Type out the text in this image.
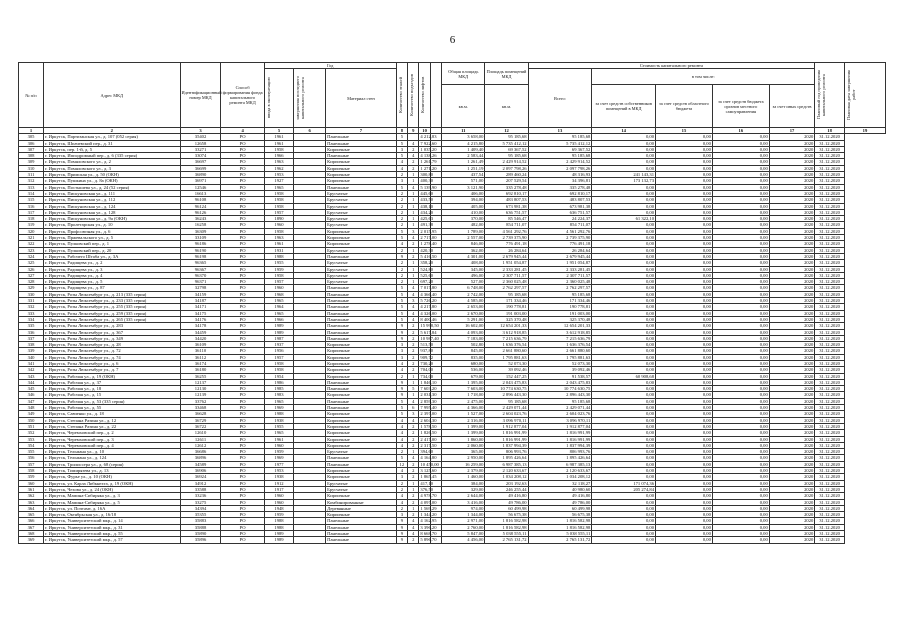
6
№ п/п	Адрес МКД	Идентификационный номер МКД	Способ формирования фонда капитального ремонта МКД	Год			Количество этажей	Количество подъездов	Количество лифтов		Общая площадь МКД	Площадь помещений МКД	Стоимость капитального ремонта					Плановый год проведения капитального ремонта	Плановая дата завершения работ

				ввода в эксплуатацию	завершения последнего капитального ремонта	Материал стен							Всего:	в том числе:					
											кв.м.	кв.м.		за счет средств собственников помещений в МКД	за счет средств областного бюджета	за счет средств бюджета органов местного самоуправления	за счет иных средств		
1	2	3	4	5	6	7	8	9	10		11	12	13	14	15	16	17	18	19
305	г. Иркутск, Партизанская ул., д. 107 (052 серия)	35402	РО	1961		Панельные	5		4 212,83		3 658,00	95 185,68	95 185,68	0,00	0,00	0,00	2020	31.12.2020	
306	г. Иркутск, Шпачевский пер., д. 31	12658	РО	1961		Панельные	5	4	7 922,60		4 215,80	5 735 412,12	5 735 412,12	0,00	0,00	0,00	2020	31.12.2020	
307	г. Иркутск, пер. 1-й, д. 5	33271	РО	1958		Кирпичные	3	2	1 035,20		1 409,40	69 367,52	69 367,52	0,00	0,00	0,00	2020	31.12.2020	
308	г. Иркутск, Ипподромный пер., д. 6 (335 серия)	33074	РО	1966		Панельные	5	4	4 138,26		2 583,44	95 185,68	95 185,68	0,00	0,00	0,00	2020	31.12.2020	
309	г. Иркутск, Помяловского ул., д. 2	36697	РО	1963		Кирпичные	4	2	1 261,79		1 261,49	2 429 914,52	2 429 914,52	0,00	0,00	0,00	2020	31.12.2020	
310	г. Иркутск, Помяловского ул., д. 3	36699	РО	1962		Кирпичные	4	2	1 271,20		1 251,19	2 097 798,26	2 097 798,26	0,00	0,00	0,00	2020	31.12.2020	
311	г. Иркутск, Примская ул., д. 50 (ОКН)	36890	РО	1953		Кирпичные	2	1	300,80		437,54	289 460,24	48 316,93	241 143,31	0,00	0,00	2020	31.12.2020	
312	г. Иркутск, Пушкина ул., д. 8а (ОКН)	36971	РО	1927		Кирпичные	3	1	400,30		571,00	207 529,54	34 396,81	173 132,73	0,00	0,00	2020	31.12.2020	
313	г. Иркутск, Постышева ул., д. 24 (52 серия)	12546	РО	1965		Панельные	5	4	5 139,90		3 121,90	335 278,48	335 278,48	0,00	0,00	0,00	2020	31.12.2020	
314	г. Иркутск, Пискуновская ул., д. 111	16613	РО	1958		Брусчатые	2	1	445,60		406,00	692 810,17	692 810,17	0,00	0,00	0,00	2020	31.12.2020	
315	г. Иркутск, Пискуновская ул., д. 112	96108	РО	1958		Брусчатые	2	1	433,50		394,00	483 807,53	483 807,53	0,00	0,00	0,00	2020	31.12.2020	
316	г. Иркутск, Пискуновская ул., д. 124	96124	РО	1958		Брусчатые	2	1	438,10		405,00	673 981,38	673 981,38	0,00	0,00	0,00	2020	31.12.2020	
317	г. Иркутск, Пискуновская ул., д. 128	96126	РО	1957		Брусчатые	2	1	434,20		410,00	636 751,57	636 751,57	0,00	0,00	0,00	2020	31.12.2020	
318	г. Иркутск, Пискуновская ул., д. 9а (ОКН)	36243	РО	1890		Брусчатые	2	1	425,63		370,00	85 546,47	24 224,37	61 322,10	0,00	0,00	2020	31.12.2020	
319	г. Иркутск, Пролетарская ул., д. 10	16258	РО	1960		Брусчатые	2	1	491,38		482,00	854 711,07	854 711,07	0,00	0,00	0,00	2020	31.12.2020	
320	г. Иркутск, Профсоюзная ул., д. 6	36309	РО	1958		Кирпичные	5	3	2 015,95		1 789,00	4 561 292,76	4 561 292,76	0,00	0,00	0,00	2020	31.12.2020	
321	г. Иркутск, Пржевальского ул., д. 5	33109	РО	1963		Кирпичные	5	4	2 717,00		2 557,00	2 739 375,90	2 739 375,90	0,00	0,00	0,00	2020	31.12.2020	
322	г. Иркутск, Пулковский пер., д. 1	96186	РО	1961		Кирпичные	4	2	1 278,40		846,00	776 491,18	776 491,18	0,00	0,00	0,00	2020	31.12.2020	
323	г. Иркутск, Пулковский пер., д. 20	96190	РО	1931		Брусчатые	2	1	420,30		362,00	26 284,64	26 284,64	0,00	0,00	0,00	2020	31.12.2020	
324	г. Иркутск, Рабочего Штаба ул., д. 3А	96198	РО	1988		Панельные	9	2	5 416,50		4 301,00	2 679 945,44	2 679 945,44	0,00	0,00	0,00	2020	31.12.2020	
325	г. Иркутск, Радищева ул., д. 2	96365	РО	1955		Брусчатые	2	1	358,20		408,00	1 951 054,87	1 951 054,87	0,00	0,00	0,00	2020	31.12.2020	
326	г. Иркутск, Радищева ул., д. 3	96367	РО	1959		Брусчатые	2	1	524,80		345,00	2 333 281,45	2 333 281,45	0,00	0,00	0,00	2020	31.12.2020	
327	г. Иркутск, Радищева ул., д. 4	96370	РО	1958		Брусчатые	2	1	525,60		496,00	2 307 711,57	2 307 711,57	0,00	0,00	0,00	2020	31.12.2020	
328	г. Иркутск, Радищева ул., д. 5	96371	РО	1957		Брусчатые	2	1	697,20		527,00	2 360 025,48	2 360 025,48	0,00	0,00	0,00	2020	31.12.2020	
329	г. Иркутск, Радищева ул., д. 87	32798	РО	1960		Панельные	5	4	7 017,80		6 748,00	2 762 297,57	2 762 297,57	0,00	0,00	0,00	2020	31.12.2020	
330	г. Иркутск, Розы Люксембург ул., д. 213 (335 серия)	34159	РО	1968		Панельные	5	4	4 366,40		2 742,00	95 185,68	95 185,68	0,00	0,00	0,00	2020	31.12.2020	
331	г. Иркутск, Розы Люксембург ул., д. 233 (335 серия)	34187	РО	1965		Панельные	5	3	5 726,20		4 585,00	171 334,46	171 334,46	0,00	0,00	0,00	2020	31.12.2020	
332	г. Иркутск, Розы Люксембург ул., д. 255 (335 серия)	34171	РО	1964		Панельные	5	4	4 217,80		2 653,00	190 778,81	190 778,81	0,00	0,00	0,00	2020	31.12.2020	
333	г. Иркутск, Розы Люксембург ул., д. 259 (335 серия)	34175	РО	1965		Панельные	5	4	4 326,00		2 670,00	191 003,00	191 003,00	0,00	0,00	0,00	2020	31.12.2020	
334	г. Иркутск, Розы Люксембург ул., д. 265 (335 серия)	34176	РО	1966		Панельные	5	4	8 400,46		5 291,00	325 370,48	325 370,48	0,00	0,00	0,00	2020	31.12.2020	
335	г. Иркутск, Розы Люксембург ул., д. 283	34178	РО	1989		Панельные	9	2	15 998,50		16 602,00	12 654 201,33	12 654 201,33	0,00	0,00	0,00	2020	31.12.2020	
336	г. Иркутск, Розы Люксембург ул., д. 367	34459	РО	1989		Панельные	9	2	5 617,84		4 093,00	3 612 918,85	3 612 918,85	0,00	0,00	0,00	2020	31.12.2020	
337	г. Иркутск, Розы Люксембург ул., д. 349	34420	РО	1987		Панельные	9	2	10 987,40		7 183,00	7 215 636,79	7 215 636,79	0,00	0,00	0,00	2020	31.12.2020	
338	г. Иркутск, Розы Люксембург ул., д. 28	36109	РО	1937		Кирпичные	3	2	513,50		502,80	1 636 376,54	1 636 376,54	0,00	0,00	0,00	2020	31.12.2020	
339	г. Иркутск, Розы Люксембург ул., д. 72	36110	РО	1956		Кирпичные	3	2	937,80		845,00	2 661 880,60	2 661 880,60	0,00	0,00	0,00	2020	31.12.2020	
340	г. Иркутск, Розы Люксембург ул., д. 74	36112	РО	1957		Кирпичные	3	2	909,72		835,00	1 795 881,63	1 795 881,63	0,00	0,00	0,00	2020	31.12.2020	
341	г. Иркутск, Розы Люксембург ул., д. 6	36174	РО	1958		Кирпичные	4	2	730,20		680,00	52 073,30	52 073,30	0,00	0,00	0,00	2020	31.12.2020	
342	г. Иркутск, Розы Люксембург ул., д. 7	36180	РО	1958		Кирпичные	4	2	704,00		536,00	39 092,46	39 092,46	0,00	0,00	0,00	2020	31.12.2020	
343	г. Иркутск, Рабочая ул., д. 19 (ОКН)	36255	РО	1954		Кирпичные	2	1	734,00		679,00	152 447,25	91 538,57	60 908,68	0,00	0,00	2020	31.12.2020	
344	г. Иркутск, Рабочая ул., д. 37	12137	РО	1986		Панельные	9	1	1 846,10		1 395,00	2 043 475,83	2 043 475,83	0,00	0,00	0,00	2020	31.12.2020	
345	г. Иркутск, Рабочая ул., д. 18	12130	РО	1985		Панельные	9	5	7 603,20		7 603,00	10 774 630,75	10 774 630,75	0,00	0,00	0,00	2020	31.12.2020	
346	г. Иркутск, Рабочая ул., д. 15	12139	РО	1983		Кирпичные	9	1	2 031,30		1 718,00	2 896 443,30	2 896 443,30	0,00	0,00	0,00	2020	31.12.2020	
347	г. Иркутск, Рабочая ул., д. 53 (335 серия)	33762	РО	1965		Панельные	5	4	2 859,30		2 475,00	95 185,68	95 185,68	0,00	0,00	0,00	2020	31.12.2020	
348	г. Иркутск, Рабочая ул., д. 55	33468	РО	1969		Панельные	5	6	7 995,40		4 366,00	2 429 071,44	2 429 071,44	0,00	0,00	0,00	2020	31.12.2020	
349	г. Иркутск, Савченко ул., д. 18	36628	РО	1988		Кирпичные	5	3	2 397,00		1 527,00	2 604 023,76	2 604 023,76	0,00	0,00	0,00	2020	31.12.2020	
350	г. Иркутск, Степана Разина ул., д. 12	36729	РО	1938		Кирпичные	4	4	2 604,30		2 316,00	3 096 970,11	3 096 970,11	0,00	0,00	0,00	2020	31.12.2020	
351	г. Иркутск, Степана Разина ул., д. 22	36722	РО	1955		Кирпичные	4	2	1 578,50		1 399,00	1 912 877,04	1 912 877,04	0,00	0,00	0,00	2020	31.12.2020	
352	г. Иркутск, Черемховский пер., д. 2	12610	РО	1965		Кирпичные	4	2	1 826,50		1 399,00	1 816 991,99	1 816 991,99	0,00	0,00	0,00	2020	31.12.2020	
353	г. Иркутск, Черемховский пер., д. 3	12611	РО	1961		Кирпичные	4	2	2 417,00		1 860,00	1 816 991,99	1 816 991,99	0,00	0,00	0,00	2020	31.12.2020	
354	г. Иркутск, Черемховский пер., д. 4	12612	РО	1960		Кирпичные	4	2	2 317,50		2 060,00	1 837 994,39	1 837 994,39	0,00	0,00	0,00	2020	31.12.2020	
355	г. Иркутск, Тельмана ул., д. 10	36686	РО	1959		Брусчатые	2	1	394,60		365,00	806 993,76	806 993,76	0,00	0,00	0,00	2020	31.12.2020	
356	г. Иркутск, Тельмана ул., д. 124	36896	РО	1969		Панельные	5	4	4 164,80		2 950,00	1 895 426,64	1 895 426,64	0,00	0,00	0,00	2020	31.12.2020	
357	г. Иркутск, Трилиссера ул., д. 68 (серия)	34589	РО	1977		Панельные	12	2	10 450,00		16 259,00	6 987 385,13	6 987 385,13	0,00	0,00	0,00	2020	31.12.2020	
358	г. Иркутск, Тимирязева ул., д. 13	36906	РО	1953		Кирпичные	4	2	3 125,60		2 379,00	2 120 633,67	2 120 633,67	0,00	0,00	0,00	2020	31.12.2020	
359	г. Иркутск, Фурье ул., д. 10 (ОКН)	36924	РО	1938		Кирпичные	3	2	1 865,45		1 460,00	1 034 208,12	1 034 208,12	0,00	0,00	0,00	2020	31.12.2020	
360	г. Иркутск, ул. Карла Либкнехта, д. 19 (ОКН)	34912	РО	1912		Брусчатые	2	1	417,10		384,00	203 192,63	32 118,27	171 074,36	0,00	0,00	2020	31.12.2020	
361	г. Иркутск, Чехова ул., д. 24 (ОКН)	33588	РО	1917		Брусчатые	2	1	376,50		329,00	246 255,44	40 980,60	205 274,84	0,00	0,00	2020	31.12.2020	
362	г. Иркутск, Мамина-Сибиряка ул., д. 3	33236	РО	1960		Кирпичные	4	2	4 978,70		2 644,00	49 416,80	49 416,80	0,00	0,00	0,00	2020	31.12.2020	
363	г. Иркутск, Мамина-Сибиряка ул., д. 5	33275	РО	1960		Комбинированные	4	2	4 097,00		3 416,00	49 786,00	49 786,00	0,00	0,00	0,00	2020	31.12.2020	
364	г. Иркутск, ул. Почтамт, д. 16А	34394	РО	1948		Деревянные	2	1	1 569,29		974,00	60 499,98	60 499,98	0,00	0,00	0,00	2020	31.12.2020	
365	г. Иркутск, Октябрьская ул., д. 16/18	35355	РО	1959		Кирпичные	3	2	1 344,20		1 344,00	56 675,38	56 675,38	0,00	0,00	0,00	2020	31.12.2020	
366	г. Иркутск, Университетский мкр., д. 14	35883	РО	1988		Панельные	9	4	4 162,95		2 971,00	1 816 582,98	1 816 582,98	0,00	0,00	0,00	2020	31.12.2020	
367	г. Иркутск, Университетский мкр., д. 31	35888	РО	1988		Панельные	9	4	3 396,20		2 760,00	1 816 582,98	1 816 582,98	0,00	0,00	0,00	2020	31.12.2020	
368	г. Иркутск, Университетский мкр., д. 55	35890	РО	1989		Панельные	9	4	8 668,70		5 847,00	5 038 555,11	5 038 555,11	0,00	0,00	0,00	2020	31.12.2020	
369	г. Иркутск, Университетский мкр., д. 57	35896	РО	1989		Панельные	9	2	5 896,70		4 456,00	2 765 131,72	2 765 131,72	0,00	0,00	0,00	2020	31.12.2020	
